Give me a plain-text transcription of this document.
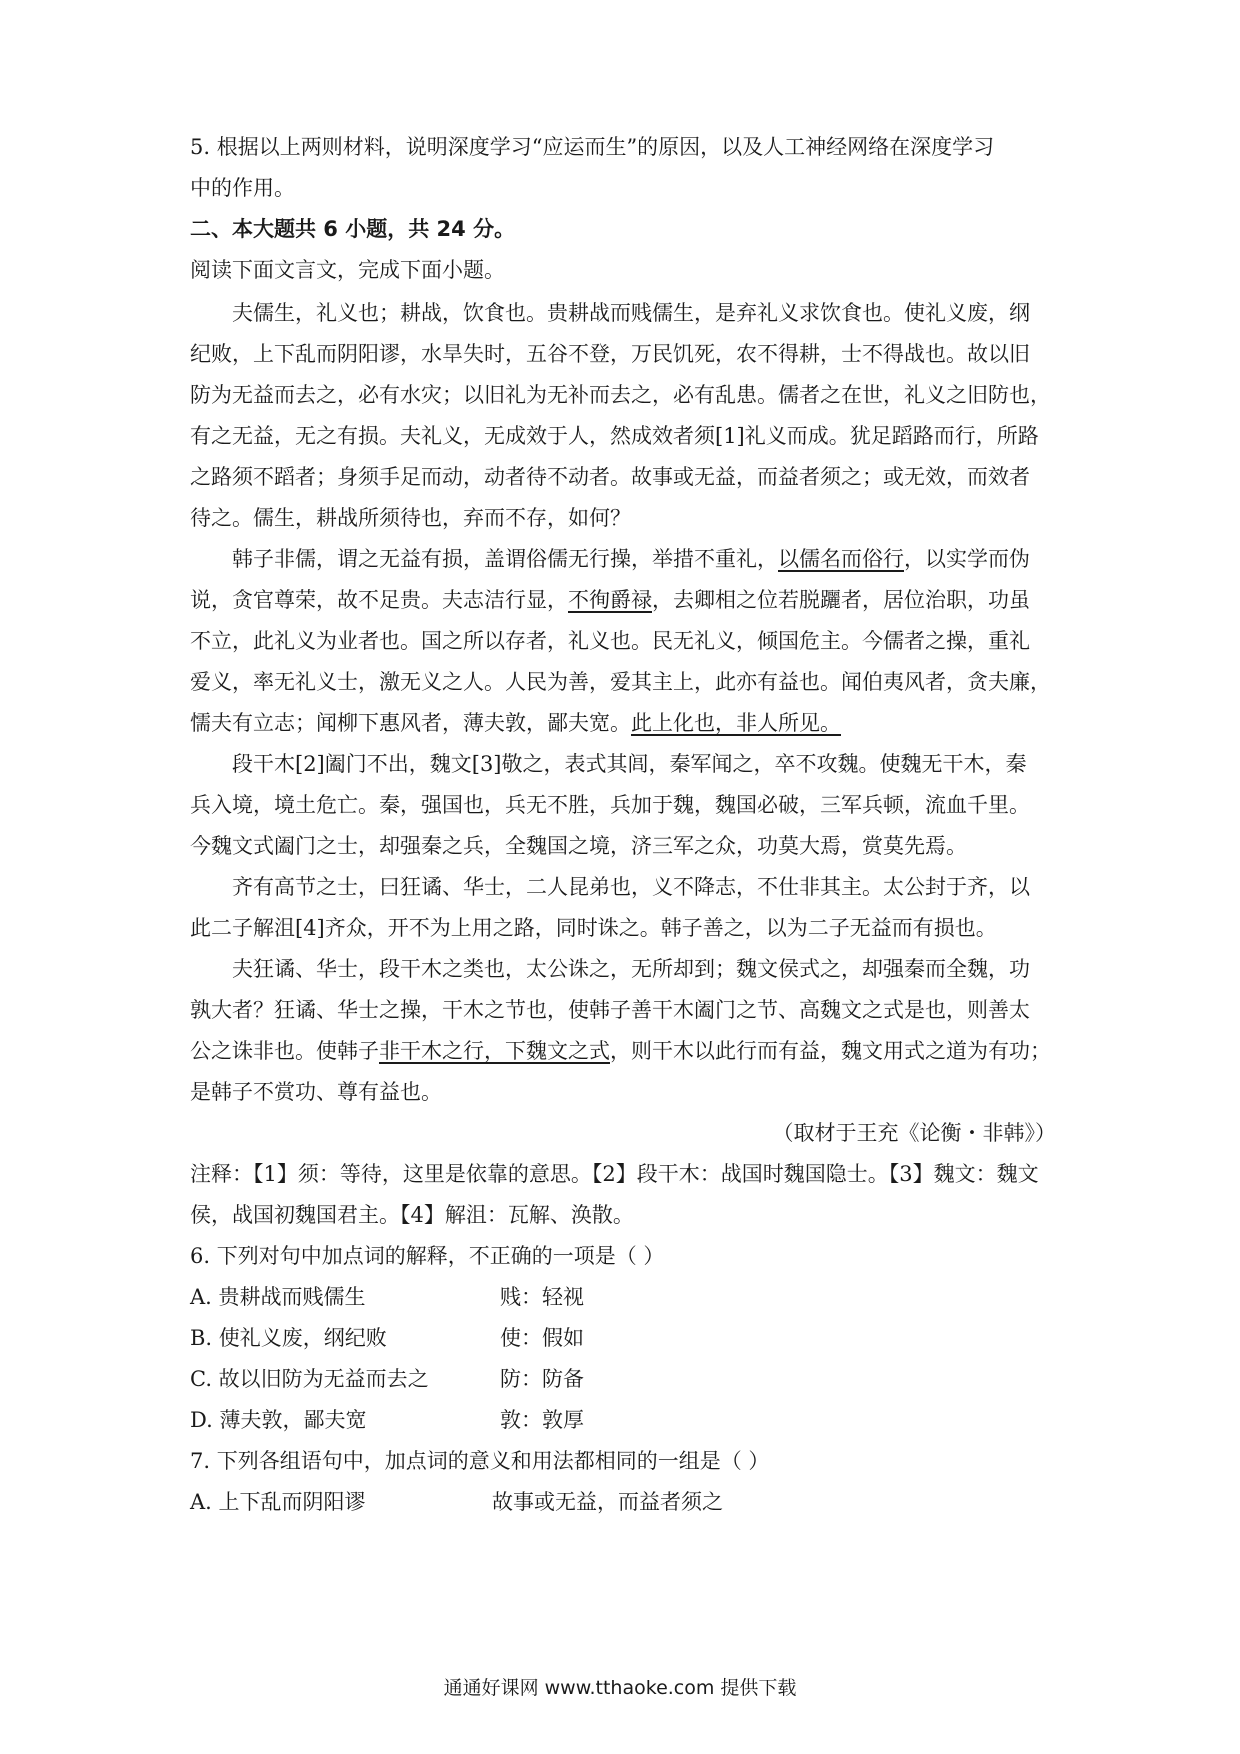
5. 根据以上两则材料，说明深度学习“应运而生”的原因，以及人工神经网络在深度学习
中的作用。
二、本大题共 6 小题，共 24 分。
阅读下面文言文，完成下面小题。
夫儒生，礼义也；耕战，饮食也。贵耕战而贱儒生，是弃礼义求饮食也。使礼义废，纲
纪败，上下乱而阴阳谬，水旱失时，五谷不登，万民饥死，农不得耕，士不得战也。故以旧
防为无益而去之，必有水灾；以旧礼为无补而去之，必有乱患。儒者之在世，礼义之旧防也，
有之无益，无之有损。夫礼义，无成效于人，然成效者须[1]礼义而成。犹足蹈路而行，所路
之路须不蹈者；身须手足而动，动者待不动者。故事或无益，而益者须之；或无效，而效者
待之。儒生，耕战所须待也，弃而不存，如何？
韩子非儒，谓之无益有损，盖谓俗儒无行操，举措不重礼，以儒名而俗行，以实学而伪
说，贪官尊荣，故不足贵。夫志洁行显，不徇爵禄，去卿相之位若脱躧者，居位治职，功虽
不立，此礼义为业者也。国之所以存者，礼义也。民无礼义，倾国危主。今儒者之操，重礼
爱义，率无礼义士，激无义之人。人民为善，爱其主上，此亦有益也。闻伯夷风者，贪夫廉，
懦夫有立志；闻柳下惠风者，薄夫敦，鄙夫宽。此上化也，非人所见。
段干木[2]阖门不出，魏文[3]敬之，表式其闾，秦军闻之，卒不攻魏。使魏无干木，秦
兵入境，境土危亡。秦，强国也，兵无不胜，兵加于魏，魏国必破，三军兵顿，流血千里。
今魏文式阖门之士，却强秦之兵，全魏国之境，济三军之众，功莫大焉，赏莫先焉。
齐有高节之士，曰狂谲、华士，二人昆弟也，义不降志，不仕非其主。太公封于齐，以
此二子解沮[4]齐众，开不为上用之路，同时诛之。韩子善之，以为二子无益而有损也。
夫狂谲、华士，段干木之类也，太公诛之，无所却到；魏文侯式之，却强秦而全魏，功
孰大者？狂谲、华士之操，干木之节也，使韩子善干木阖门之节、高魏文之式是也，则善太
公之诛非也。使韩子非干木之行，下魏文之式，则干木以此行而有益，魏文用式之道为有功；
是韩子不赏功、尊有益也。
（取材于王充《论衡・非韩》）
注释：【1】须：等待，这里是依靠的意思。【2】段干木：战国时魏国隐士。【3】魏文：魏文
侯，战国初魏国君主。【4】解沮：瓦解、涣散。
6. 下列对句中加点词的解释，不正确的一项是（ ）
A. 贵耕战而贱儒生	贱：轻视
B. 使礼义废，纲纪败	使：假如
C. 故以旧防为无益而去之	防：防备
D. 薄夫敦，鄙夫宽	敦：敦厚
7. 下列各组语句中，加点词的意义和用法都相同的一组是（ ）
A. 上下乱而阴阳谬	故事或无益，而益者须之
通通好课网 www.tthaoke.com 提供下载
